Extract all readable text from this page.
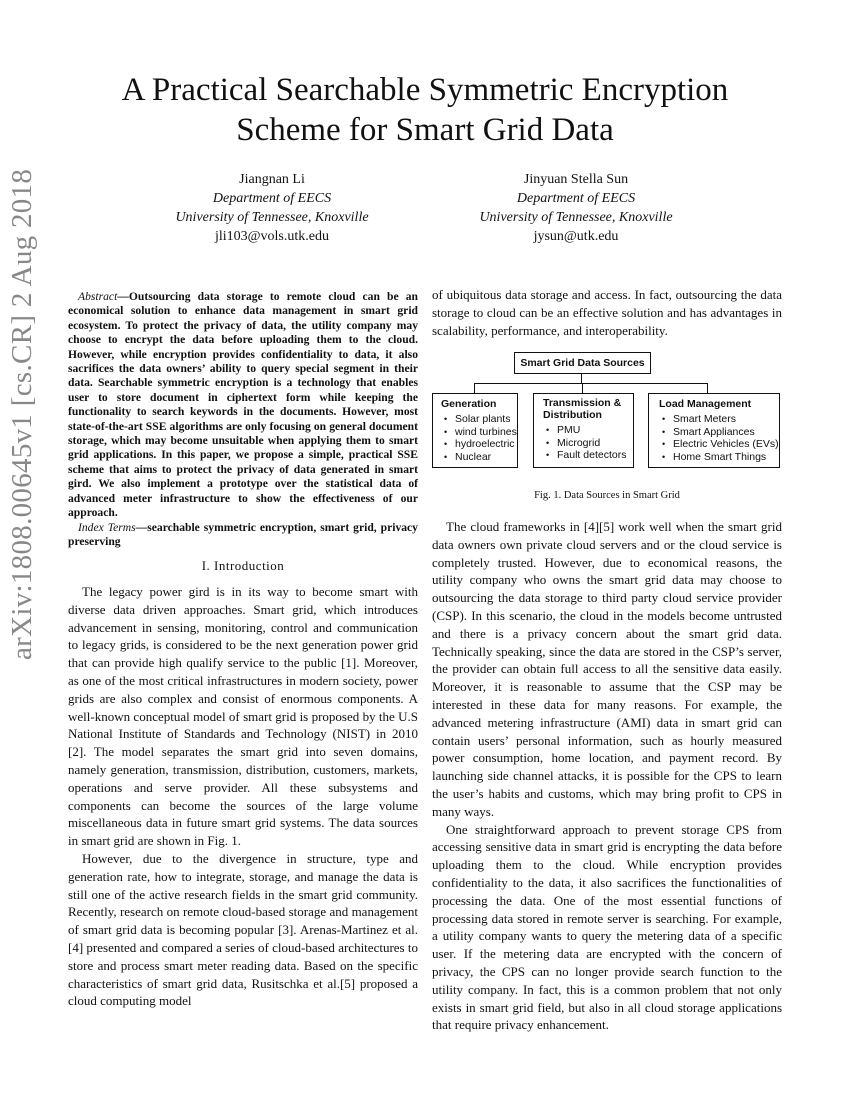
arXiv:1808.00645v1 [cs.CR] 2 Aug 2018
A Practical Searchable Symmetric Encryption
Scheme for Smart Grid Data
Jiangnan Li
Department of EECS
University of Tennessee, Knoxville
jli103@vols.utk.edu
Jinyuan Stella Sun
Department of EECS
University of Tennessee, Knoxville
jysun@utk.edu

Abstract—Outsourcing data storage to remote cloud can be an economical solution to enhance data management in smart grid ecosystem. To protect the privacy of data, the utility company may choose to encrypt the data before uploading them to the cloud. However, while encryption provides confidentiality to data, it also sacrifices the data owners’ ability to query special segment in their data. Searchable symmetric encryption is a technology that enables user to store document in ciphertext form while keeping the functionality to search keywords in the documents. However, most state-of-the-art SSE algorithms are only focusing on general document storage, which may become unsuitable when applying them to smart grid applications. In this paper, we propose a simple, practical SSE scheme that aims to protect the privacy of data generated in smart gird. We also implement a prototype over the statistical data of advanced meter infrastructure to show the effectiveness of our approach.

Index Terms—searchable symmetric encryption, smart grid, privacy preserving

I. Introduction

The legacy power gird is in its way to become smart with diverse data driven approaches. Smart grid, which introduces advancement in sensing, monitoring, control and communication to legacy grids, is considered to be the next generation power grid that can provide high qualify service to the public [1]. Moreover, as one of the most critical infrastructures in modern society, power grids are also complex and consist of enormous components. A well-known conceptual model of smart grid is proposed by the U.S National Institute of Standards and Technology (NIST) in 2010 [2]. The model separates the smart grid into seven domains, namely generation, transmission, distribution, customers, markets, operations and serve provider. All these subsystems and components can become the sources of the large volume miscellaneous data in future smart grid systems. The data sources in smart grid are shown in Fig. 1.

However, due to the divergence in structure, type and generation rate, how to integrate, storage, and manage the data is still one of the active research fields in the smart grid community. Recently, research on remote cloud-based storage and management of smart grid data is becoming popular [3]. Arenas-Martinez et al.[4] presented and compared a series of cloud-based architectures to store and process smart meter reading data. Based on the specific characteristics of smart grid data, Rusitschka et al.[5] proposed a cloud computing model

of ubiquitous data storage and access. In fact, outsourcing the data storage to cloud can be an effective solution and has advantages in scalability, performance, and interoperability.

Smart Grid Data Sources
Generation
• Solar plants
• wind turbines
• hydroelectric
• Nuclear
Transmission & Distribution
• PMU
• Microgrid
• Fault detectors
Load Management
• Smart Meters
• Smart Appliances
• Electric Vehicles (EVs)
• Home Smart Things
Fig. 1. Data Sources in Smart Grid

The cloud frameworks in [4][5] work well when the smart grid data owners own private cloud servers and or the cloud service is completely trusted. However, due to economical reasons, the utility company who owns the smart grid data may choose to outsourcing the data storage to third party cloud service provider (CSP). In this scenario, the cloud in the models become untrusted and there is a privacy concern about the smart grid data. Technically speaking, since the data are stored in the CSP’s server, the provider can obtain full access to all the sensitive data easily. Moreover, it is reasonable to assume that the CSP may be interested in these data for many reasons. For example, the advanced metering infrastructure (AMI) data in smart grid can contain users’ personal information, such as hourly measured power consumption, home location, and payment record. By launching side channel attacks, it is possible for the CPS to learn the user’s habits and customs, which may bring profit to CPS in many ways.

One straightforward approach to prevent storage CPS from accessing sensitive data in smart grid is encrypting the data before uploading them to the cloud. While encryption provides confidentiality to the data, it also sacrifices the functionalities of processing the data. One of the most essential functions of processing data stored in remote server is searching. For example, a utility company wants to query the metering data of a specific user. If the metering data are encrypted with the concern of privacy, the CPS can no longer provide search function to the utility company. In fact, this is a common problem that not only exists in smart grid field, but also in all cloud storage applications that require privacy enhancement.
